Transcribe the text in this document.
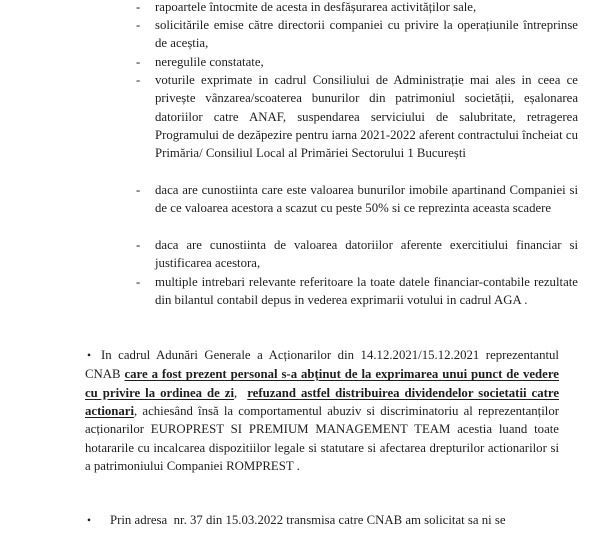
- rapoartele întocmite de acesta in desfășurarea activităților sale,
- solicitările emise către directorii companiei cu privire la operațiunile întreprinse de aceștia,
- neregulile constatate,
- voturile exprimate in cadrul Consiliului de Administrație mai ales in ceea ce privește vânzarea/scoaterea bunurilor din patrimoniul societății, eșalonarea datoriilor catre ANAF, suspendarea serviciului de salubritate, retragerea Programului de dezăpezire pentru iarna 2021-2022 aferent contractului încheiat cu Primăria/ Consiliul Local al Primăriei Sectorului 1 București
- daca are cunostiinta care este valoarea bunurilor imobile apartinand Companiei si de ce valoarea acestora a scazut cu peste 50% si ce reprezinta aceasta scadere
- daca are cunostiinta de valoarea datoriilor aferente exercitiului financiar si justificarea acestora,
- multiple intrebari relevante referitoare la toate datele financiar-contabile rezultate din bilantul contabil depus in vederea exprimarii votului in cadrul AGA .
• In cadrul Adunări Generale a Acționarilor din 14.12.2021/15.12.2021 reprezentantul CNAB care a fost prezent personal s-a abținut de la exprimarea unui punct de vedere cu privire la ordinea de zi,  refuzand astfel distribuirea dividendelor societatii catre actionari, achiesând însă la comportamentul abuziv si discriminatoriu al reprezentanților acționarilor EUROPREST SI PREMIUM MANAGEMENT TEAM acestia luand toate hotararile cu incalcarea dispozitiilor legale si statutare si afectarea drepturilor actionarilor si a patrimoniului Companiei ROMPREST .
• Prin adresa  nr. 37 din 15.03.2022 transmisa catre CNAB am solicitat sa ni se
